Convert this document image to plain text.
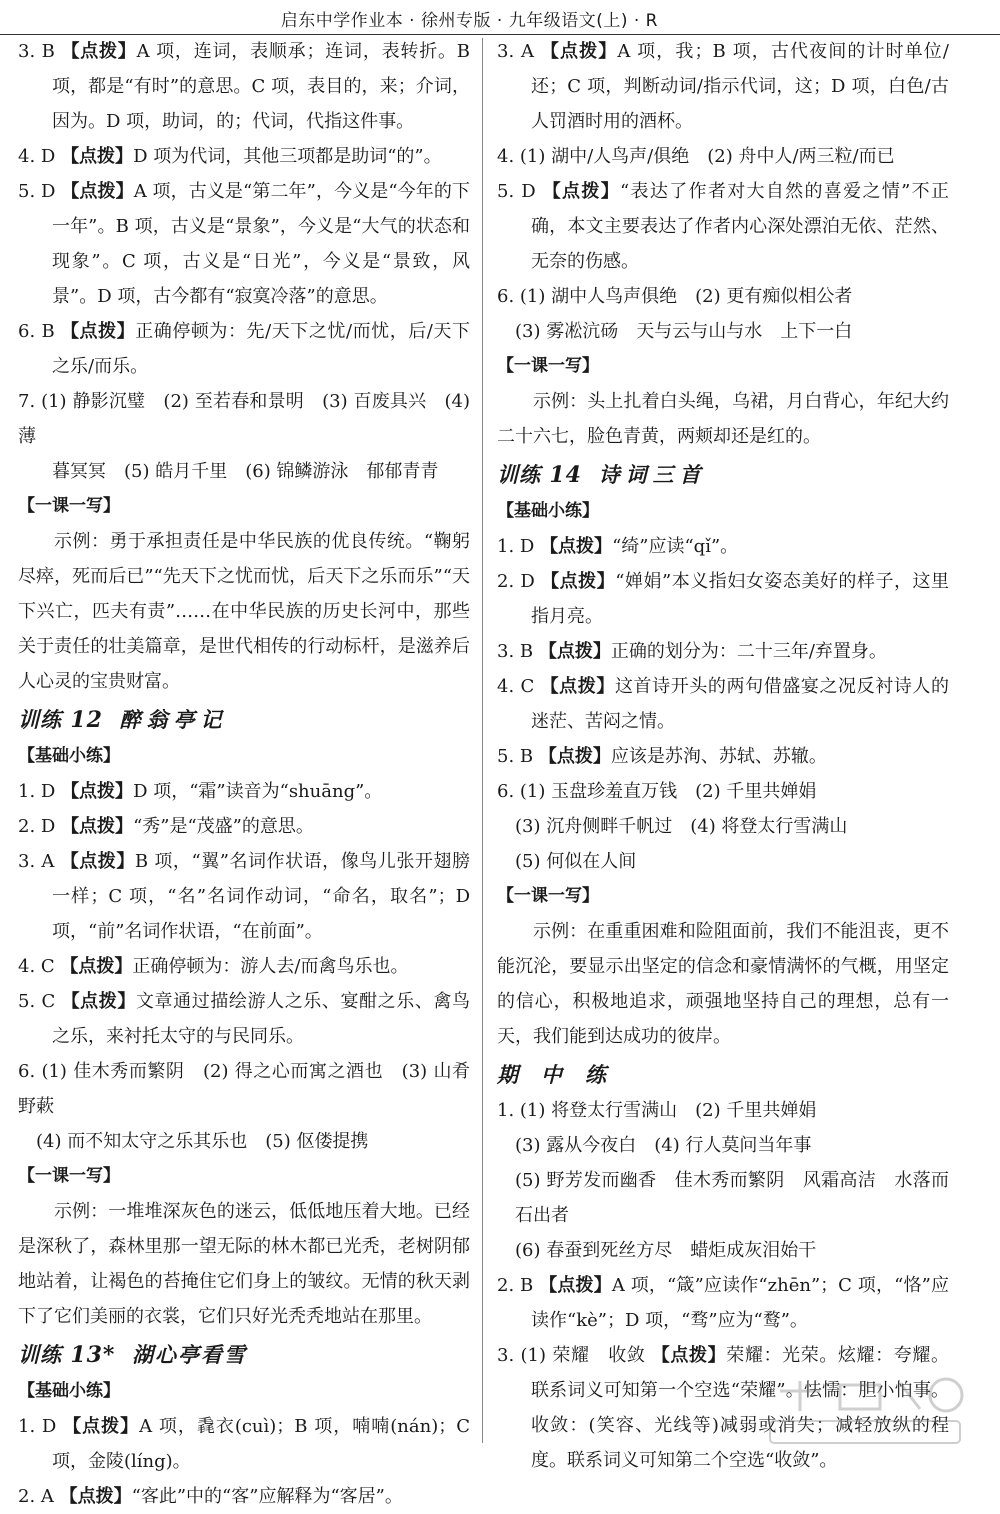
启东中学作业本 · 徐州专版 · 九年级语文(上) · R
3. B 【点拨】A 项，连词，表顺承；连词，表转折。B 项，都是“有时”的意思。C 项，表目的，来；介词，因为。D 项，助词，的；代词，代指这件事。
4. D 【点拨】D 项为代词，其他三项都是助词“的”。
5. D 【点拨】A 项，古义是“第二年”，今义是“今年的下一年”。B 项，古义是“景象”，今义是“大气的状态和现象”。C 项，古义是“日光”，今义是“景致，风景”。D 项，古今都有“寂寞冷落”的意思。
6. B 【点拨】正确停顿为：先/天下之忧/而忧，后/天下之乐/而乐。
7. (1) 静影沉璧　(2) 至若春和景明　(3) 百废具兴　(4) 薄
暮冥冥　(5) 皓月千里　(6) 锦鳞游泳　郁郁青青
【一课一写】
示例：勇于承担责任是中华民族的优良传统。“鞠躬尽瘁，死而后已”“先天下之忧而忧，后天下之乐而乐”“天下兴亡，匹夫有责”……在中华民族的历史长河中，那些关于责任的壮美篇章，是世代相传的行动标杆，是滋养后人心灵的宝贵财富。
训练 12 醉翁亭记
【基础小练】
1. D 【点拨】D 项，“霜”读音为“shuāng”。
2. D 【点拨】“秀”是“茂盛”的意思。
3. A 【点拨】B 项，“翼”名词作状语，像鸟儿张开翅膀一样；C 项，“名”名词作动词，“命名，取名”；D 项，“前”名词作状语，“在前面”。
4. C 【点拨】正确停顿为：游人去/而禽鸟乐也。
5. C 【点拨】文章通过描绘游人之乐、宴酣之乐、禽鸟之乐，来衬托太守的与民同乐。
6. (1) 佳木秀而繁阴　(2) 得之心而寓之酒也　(3) 山肴野蔌
(4) 而不知太守之乐其乐也　(5) 伛偻提携
【一课一写】
示例：一堆堆深灰色的迷云，低低地压着大地。已经是深秋了，森林里那一望无际的林木都已光秃，老树阴郁地站着，让褐色的苔掩住它们身上的皱纹。无情的秋天剥下了它们美丽的衣裳，它们只好光秃秃地站在那里。
训练 13* 湖心亭看雪
【基础小练】
1. D 【点拨】A 项，毳衣(cuì)；B 项，喃喃(nán)；C 项，金陵(líng)。
2. A 【点拨】“客此”中的“客”应解释为“客居”。
3. A 【点拨】A 项，我；B 项，古代夜间的计时单位/还；C 项，判断动词/指示代词，这；D 项，白色/古人罚酒时用的酒杯。
4. (1) 湖中/人鸟声/俱绝　(2) 舟中人/两三粒/而已
5. D 【点拨】“表达了作者对大自然的喜爱之情”不正确，本文主要表达了作者内心深处漂泊无依、茫然、无奈的伤感。
6. (1) 湖中人鸟声俱绝　(2) 更有痴似相公者
(3) 雾凇沆砀　天与云与山与水　上下一白
【一课一写】
示例：头上扎着白头绳，乌裙，月白背心，年纪大约二十六七，脸色青黄，两颊却还是红的。
训练 14 诗词三首
【基础小练】
1. D 【点拨】“绮”应读“qǐ”。
2. D 【点拨】“婵娟”本义指妇女姿态美好的样子，这里指月亮。
3. B 【点拨】正确的划分为：二十三年/弃置身。
4. C 【点拨】这首诗开头的两句借盛宴之况反衬诗人的迷茫、苦闷之情。
5. B 【点拨】应该是苏洵、苏轼、苏辙。
6. (1) 玉盘珍羞直万钱　(2) 千里共婵娟
(3) 沉舟侧畔千帆过　(4) 将登太行雪满山
(5) 何似在人间
【一课一写】
示例：在重重困难和险阻面前，我们不能沮丧，更不能沉沦，要显示出坚定的信念和豪情满怀的气概，用坚定的信心，积极地追求，顽强地坚持自己的理想，总有一天，我们能到达成功的彼岸。
期　中　练
1. (1) 将登太行雪满山　(2) 千里共婵娟
(3) 露从今夜白　(4) 行人莫问当年事
(5) 野芳发而幽香　佳木秀而繁阴　风霜高洁　水落而石出者
(6) 春蚕到死丝方尽　蜡炬成灰泪始干
2. B 【点拨】A 项，“箴”应读作“zhēn”；C 项，“恪”应读作“kè”；D 项，“骛”应为“鹜”。
3. (1) 荣耀　收敛 【点拨】荣耀：光荣。炫耀：夸耀。联系词义可知第一个空选“荣耀”。怯懦：胆小怕事。收敛：(笑容、光线等)减弱或消失；减轻放纵的程度。联系词义可知第二个空选“收敛”。
